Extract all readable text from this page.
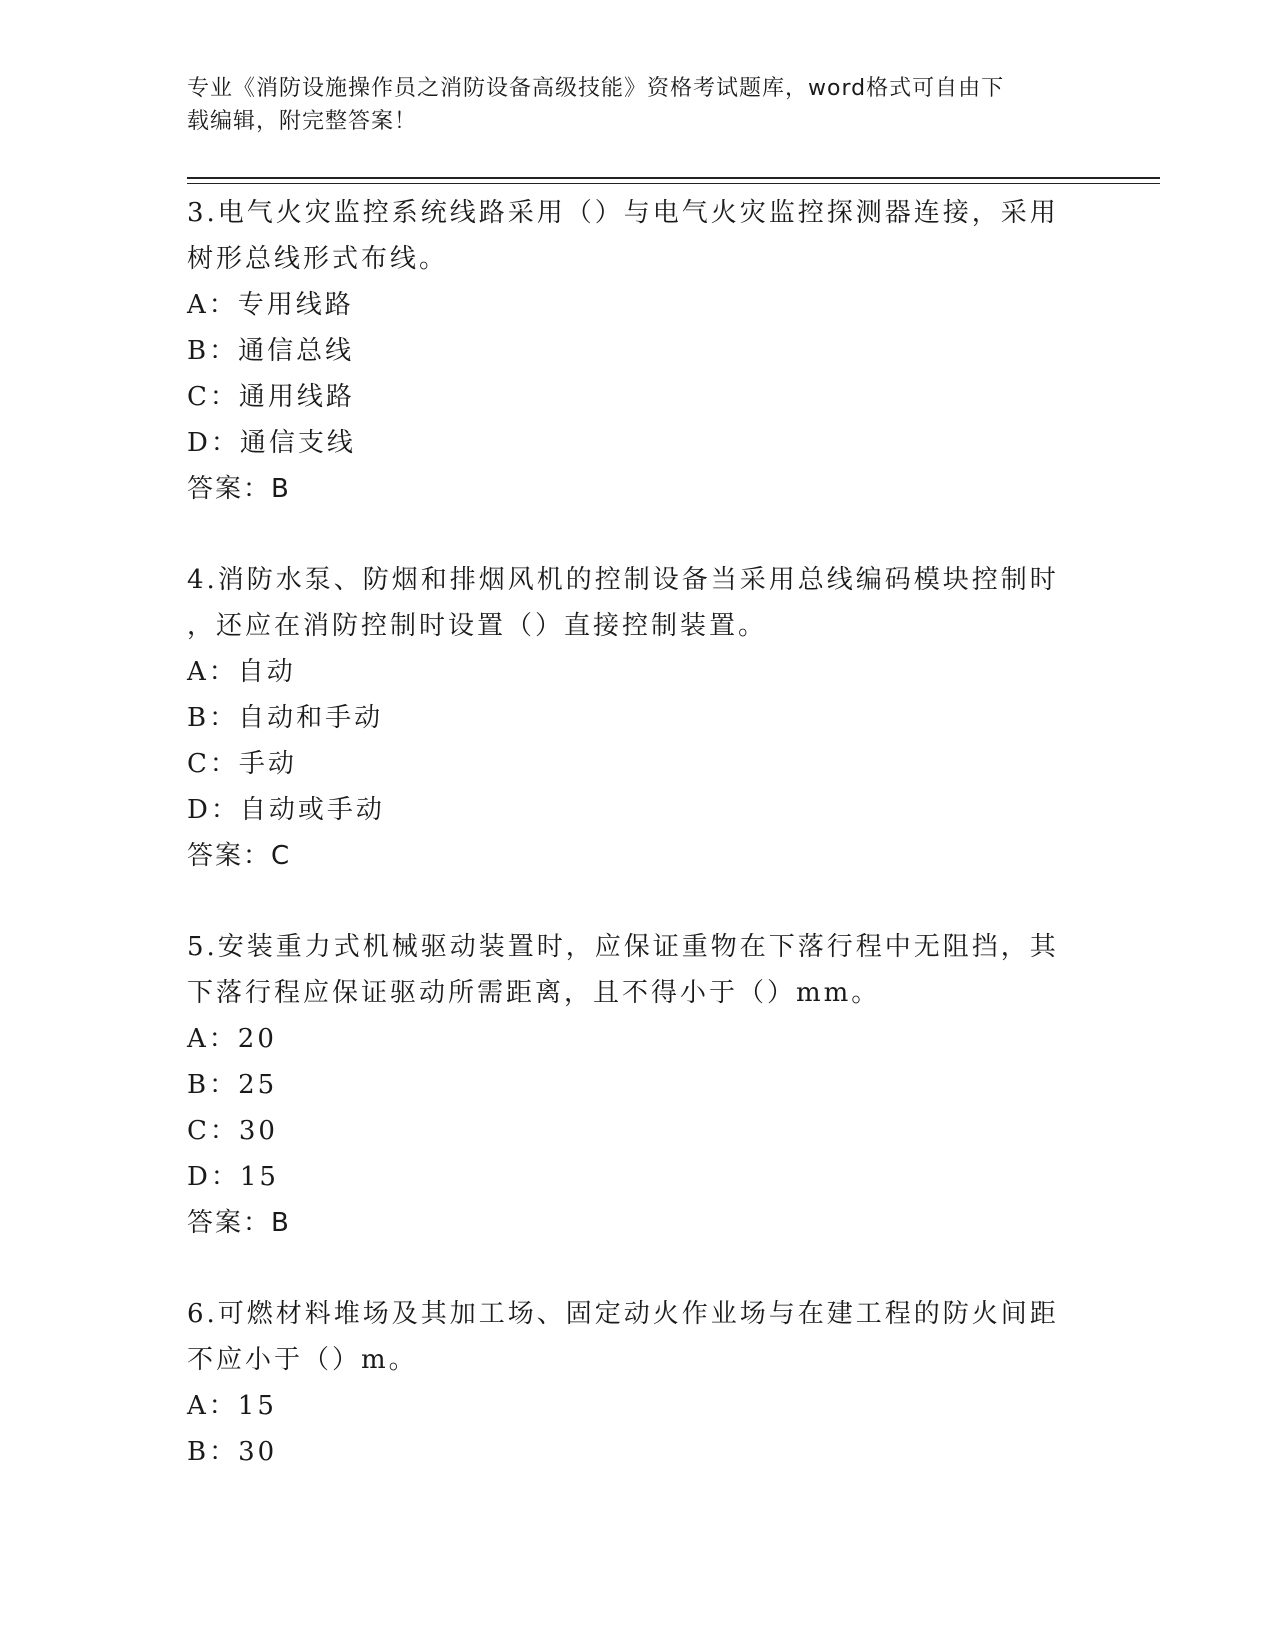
专业《消防设施操作员之消防设备高级技能》资格考试题库，word格式可自由下
载编辑，附完整答案！

3.电气火灾监控系统线路采用（）与电气火灾监控探测器连接，采用

树形总线形式布线。

A：专用线路

B：通信总线

C：通用线路

D：通信支线

答案：B

4.消防水泵、防烟和排烟风机的控制设备当采用总线编码模块控制时

，还应在消防控制时设置（）直接控制装置。

A：自动

B：自动和手动

C：手动

D：自动或手动

答案：C

5.安装重力式机械驱动装置时，应保证重物在下落行程中无阻挡，其

下落行程应保证驱动所需距离，且不得小于（）mm。

A：20

B：25

C：30

D：15

答案：B

6.可燃材料堆场及其加工场、固定动火作业场与在建工程的防火间距

不应小于（）m。

A：15

B：30
